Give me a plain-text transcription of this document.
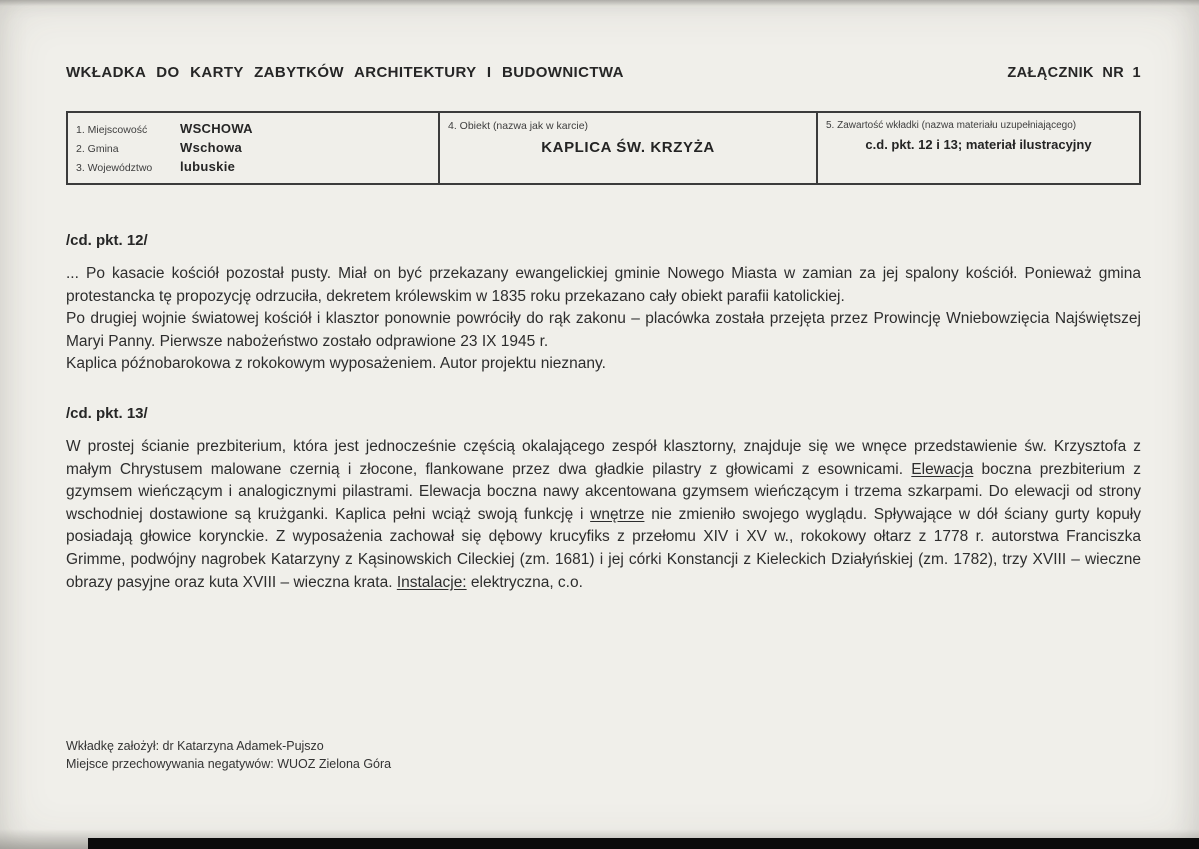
WKŁADKA DO KARTY ZABYTKÓW ARCHITEKTURY I BUDOWNICTWA	ZAŁĄCZNIK NR 1
1. Miejscowość	WSCHOWA
2. Gmina	Wschowa
3. Województwo	lubuskie
4. Obiekt (nazwa jak w karcie)
KAPLICA ŚW. KRZYŻA
5. Zawartość wkładki (nazwa materiału uzupełniającego)
c.d. pkt. 12 i 13; materiał ilustracyjny
/cd. pkt. 12/

... Po kasacie kościół pozostał pusty. Miał on być przekazany ewangelickiej gminie Nowego Miasta w zamian za jej spalony kościół. Ponieważ gmina protestancka tę propozycję odrzuciła, dekretem królewskim w 1835 roku przekazano cały obiekt parafii katolickiej.

Po drugiej wojnie światowej kościół i klasztor ponownie powróciły do rąk zakonu – placówka została przejęta przez Prowincję Wniebowzięcia Najświętszej Maryi Panny. Pierwsze nabożeństwo zostało odprawione 23 IX 1945 r.

Kaplica późnobarokowa z rokokowym wyposażeniem. Autor projektu nieznany.

/cd. pkt. 13/

W prostej ścianie prezbiterium, która jest jednocześnie częścią okalającego zespół klasztorny, znajduje się we wnęce przedstawienie św. Krzysztofa z małym Chrystusem malowane czernią i złocone, flankowane przez dwa gładkie pilastry z głowicami z esownicami. Elewacja boczna prezbiterium z gzymsem wieńczącym i analogicznymi pilastrami. Elewacja boczna nawy akcentowana gzymsem wieńczącym i trzema szkarpami. Do elewacji od strony wschodniej dostawione są krużganki. Kaplica pełni wciąż swoją funkcję i wnętrze nie zmieniło swojego wyglądu. Spływające w dół ściany gurty kopuły posiadają głowice korynckie. Z wyposażenia zachował się dębowy krucyfiks z przełomu XIV i XV w., rokokowy ołtarz z 1778 r. autorstwa Franciszka Grimme, podwójny nagrobek Katarzyny z Kąsinowskich Cileckiej (zm. 1681) i jej córki Konstancji z Kieleckich Działyńskiej (zm. 1782), trzy XVIII – wieczne obrazy pasyjne oraz kuta XVIII – wieczna krata. Instalacje: elektryczna, c.o.

Wkładkę założył: dr Katarzyna Adamek-Pujszo
Miejsce przechowywania negatywów: WUOZ Zielona Góra
